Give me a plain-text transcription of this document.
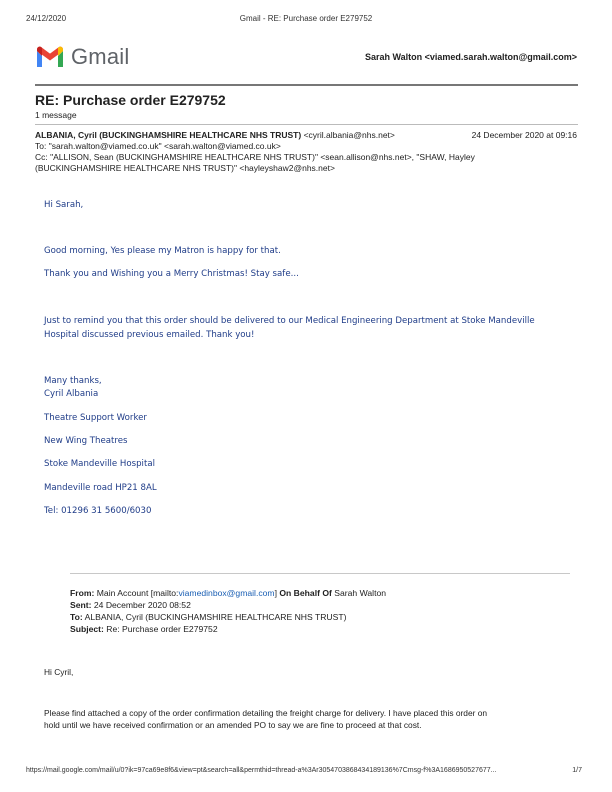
24/12/2020	Gmail - RE: Purchase order E279752
Gmail	Sarah Walton <viamed.sarah.walton@gmail.com>
RE: Purchase order E279752
1 message
ALBANIA, Cyril (BUCKINGHAMSHIRE HEALTHCARE NHS TRUST) <cyril.albania@nhs.net>	24 December 2020 at 09:16
To: "sarah.walton@viamed.co.uk" <sarah.walton@viamed.co.uk>
Cc: "ALLISON, Sean (BUCKINGHAMSHIRE HEALTHCARE NHS TRUST)" <sean.allison@nhs.net>, "SHAW, Hayley
(BUCKINGHAMSHIRE HEALTHCARE NHS TRUST)" <hayleyshaw2@nhs.net>
Hi Sarah,
Good morning, Yes please my Matron is happy for that.
Thank you and Wishing you a Merry Christmas! Stay safe...
Just to remind you that this order should be delivered to our Medical Engineering Department at Stoke Mandeville
Hospital discussed previous emailed. Thank you!
Many thanks,
Cyril Albania
Theatre Support Worker
New Wing Theatres
Stoke Mandeville Hospital
Mandeville road HP21 8AL
Tel: 01296 31 5600/6030
From: Main Account [mailto:viamedinbox@gmail.com] On Behalf Of Sarah Walton
Sent: 24 December 2020 08:52
To: ALBANIA, Cyril (BUCKINGHAMSHIRE HEALTHCARE NHS TRUST)
Subject: Re: Purchase order E279752
Hi Cyril,
Please find attached a copy of the order confirmation detailing the freight charge for delivery. I have placed this order on
hold until we have received confirmation or an amended PO to say we are fine to proceed at that cost.
https://mail.google.com/mail/u/0?ik=97ca69e8f6&view=pt&search=all&permthid=thread-a%3Ar3054703868434189136%7Cmsg-f%3A1686950527677...	1/7
